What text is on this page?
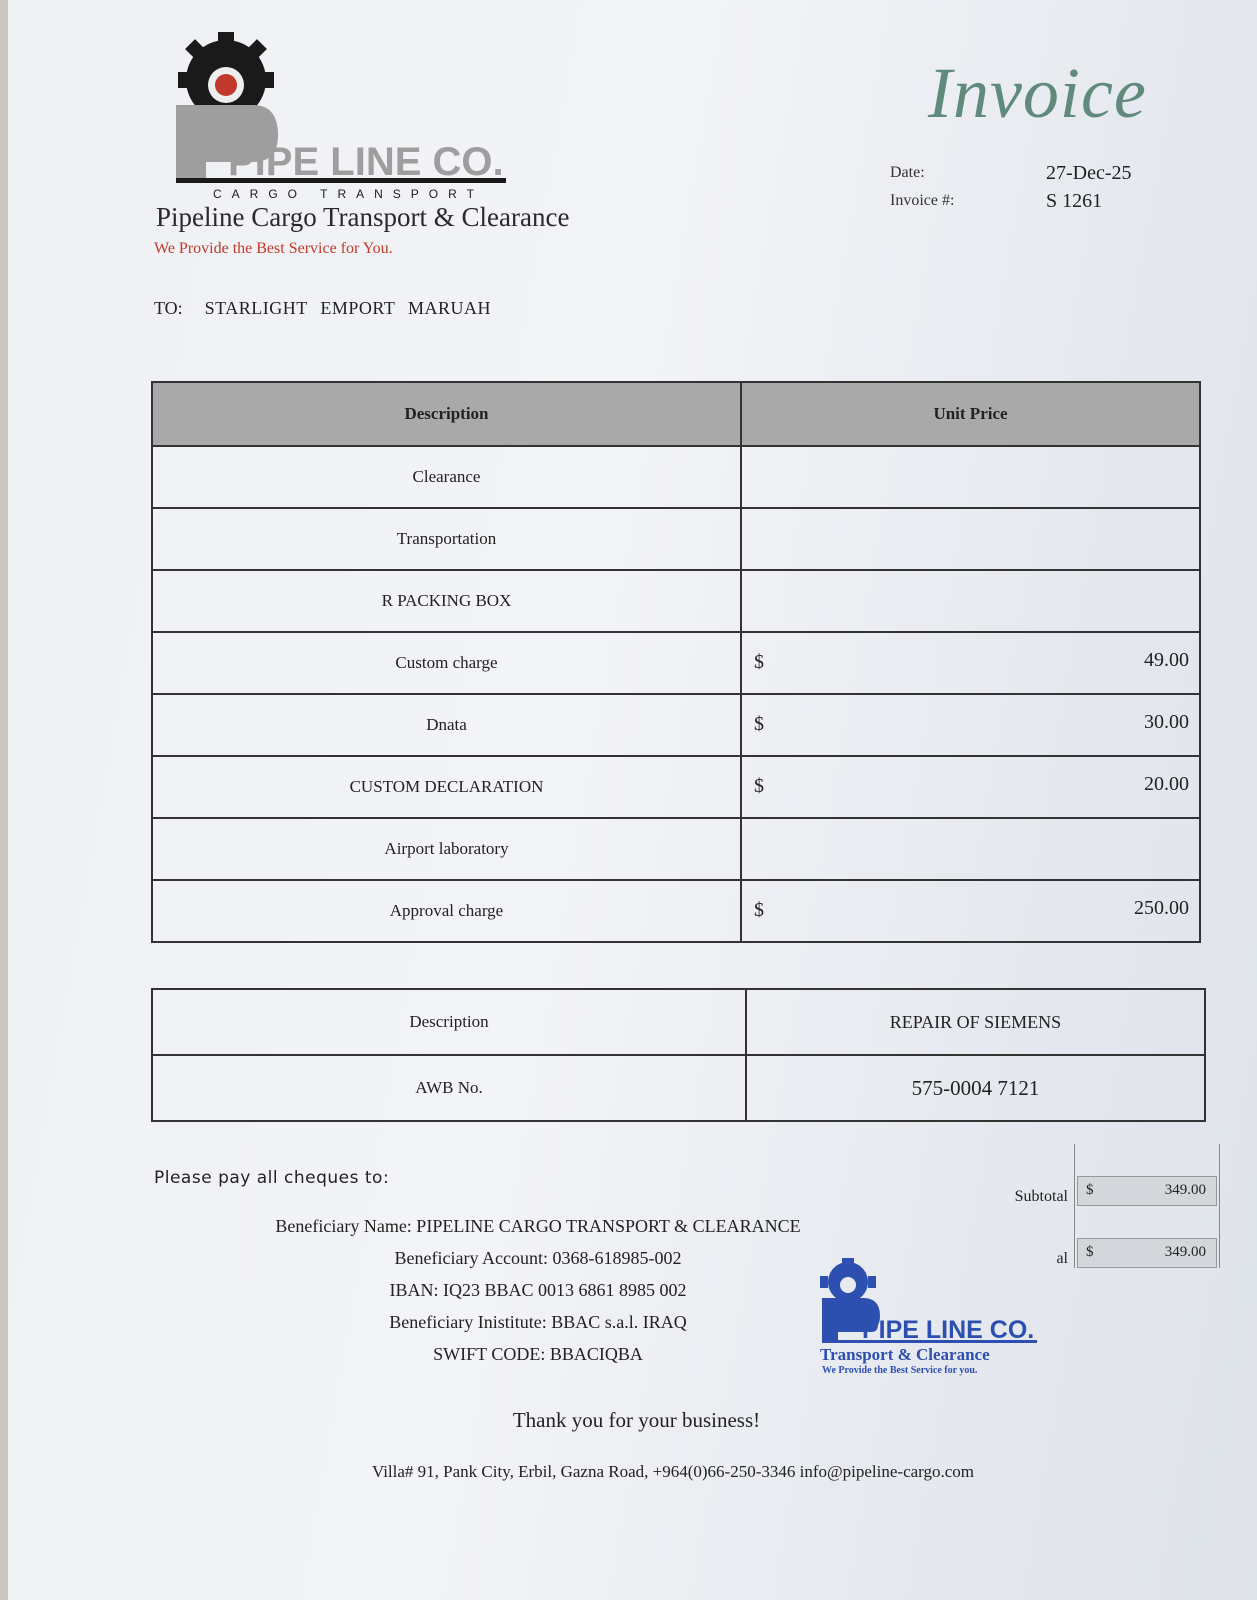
PIPE LINE CO.
CARGO TRANSPORT
Pipeline Cargo Transport & Clearance
We Provide the Best Service for You.
Invoice
Date:	27-Dec-25
Invoice #:	S 1261
TO: STARLIGHT EMPORT MARUAH
Description	Unit Price
Clearance	

Transportation	

R PACKING BOX	

Custom charge	$ 49.00

Dnata	$ 30.00

CUSTOM DECLARATION	$ 20.00

Airport laboratory	

Approval charge	$ 250.00
Description	REPAIR OF SIEMENS
AWB No.	575-0004 7121
Please pay all cheques to:
Beneficiary Name: PIPELINE CARGO TRANSPORT & CLEARANCE
Beneficiary Account: 0368-618985-002
IBAN: IQ23 BBAC 0013 6861 8985 002
Beneficiary Inistitute: BBAC s.a.l. IRAQ
SWIFT CODE: BBACIQBA
Subtotal $	349.00
al $	349.00
PIPE LINE CO.
Transport & Clearance
We Provide the Best Service for you.
Thank you for your business!
Villa# 91, Pank City, Erbil, Gazna Road, +964(0)66-250-3346 info@pipeline-cargo.com
